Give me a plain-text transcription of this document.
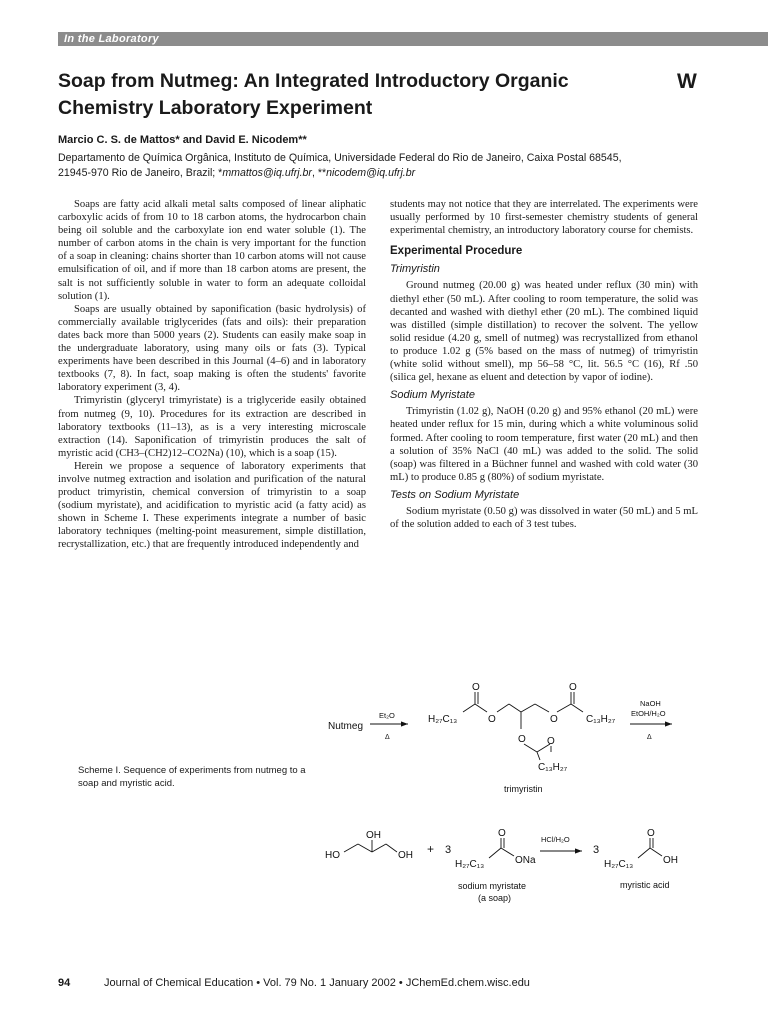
In the Laboratory
Soap from Nutmeg: An Integrated Introductory Organic Chemistry Laboratory Experiment
W
Marcio C. S. de Mattos* and David E. Nicodem**
Departamento de Química Orgânica, Instituto de Química, Universidade Federal do Rio de Janeiro, Caixa Postal 68545,
21945-970 Rio de Janeiro, Brazil; *mmattos@iq.ufrj.br, **nicodem@iq.ufrj.br

Soaps are fatty acid alkali metal salts composed of linear aliphatic carboxylic acids of from 10 to 18 carbon atoms, the hydrocarbon chain being oil soluble and the carboxylate ion end water soluble (1). The number of carbon atoms in the chain is very important for the function of a soap in cleaning: chains shorter than 10 carbon atoms will not cause emulsification of oil, and if more than 18 carbon atoms are present, the salt is not sufficiently soluble in water to form an adequate colloidal solution (1).

Soaps are usually obtained by saponification (basic hydrolysis) of commercially available triglycerides (fats and oils): their preparation dates back more than 5000 years (2). Students can easily make soap in the undergraduate laboratory, using many oils or fats (3). Typical experiments have been described in this Journal (4–6) and in laboratory textbooks (7, 8). In fact, soap making is often the students' favorite laboratory experiment (3, 4).

Trimyristin (glyceryl trimyristate) is a triglyceride easily obtained from nutmeg (9, 10). Procedures for its extraction are described in laboratory textbooks (11–13), as is a very interesting microscale extraction (14). Saponification of trimyristin produces the salt of myristic acid (CH3–(CH2)12–CO2Na) (10), which is a soap (15).

Herein we propose a sequence of laboratory experiments that involve nutmeg extraction and isolation and purification of the natural product trimyristin, chemical conversion of trimyristin to a soap (sodium myristate), and acidification to myristic acid (a fatty acid) as shown in Scheme I. These experiments integrate a number of basic laboratory techniques (melting-point measurement, simple distillation, recrystallization, etc.) that are frequently introduced independently and

students may not notice that they are interrelated. The experiments were usually performed by 10 first-semester chemistry students of general experimental chemistry, an introductory laboratory course for chemists.

Experimental Procedure
Trimyristin

Ground nutmeg (20.00 g) was heated under reflux (30 min) with diethyl ether (50 mL). After cooling to room temperature, the solid was decanted and washed with diethyl ether (20 mL). The combined liquid was distilled (simple distillation) to recover the solvent. The yellow solid residue (4.20 g, smell of nutmeg) was recrystallized from ethanol to produce 1.02 g (5% based on the mass of nutmeg) of trimyristin (white solid without smell), mp 56–58 °C, lit. 56.5 °C (16), Rf .50 (silica gel, hexane as eluent and detection by vapor of iodine).

Sodium Myristate

Trimyristin (1.02 g), NaOH (0.20 g) and 95% ethanol (20 mL) were heated under reflux for 15 min, during which a white voluminous solid formed. After cooling to room temperature, first water (20 mL) and then a solution of 35% NaCl (40 mL) was added to the solid. The solid (soap) was filtered in a Büchner funnel and washed with cold water (30 mL) to produce 0.85 g (80%) of sodium myristate.

Tests on Sodium Myristate

Sodium myristate (0.50 g) was dissolved in water (50 mL) and 5 mL of the solution added to each of 3 test tubes.

Nutmeg
Et₂O
Δ
H₂₇C₁₃
O
O	O
O
C₁₃H₂₇
O O
C₁₃H₂₇
trimyristin
NaOH
EtOH/H₂O
Δ
HO
OH
OH + 3
H₂₇C₁₃
O
ONa
sodium myristate
(a soap)
HCl/H₂O
3
H₂₇C₁₃
O
OH
myristic acid
Scheme I. Sequence of experiments from nutmeg to a soap and myristic acid.
94	Journal of Chemical Education • Vol. 79 No. 1 January 2002 • JChemEd.chem.wisc.edu
